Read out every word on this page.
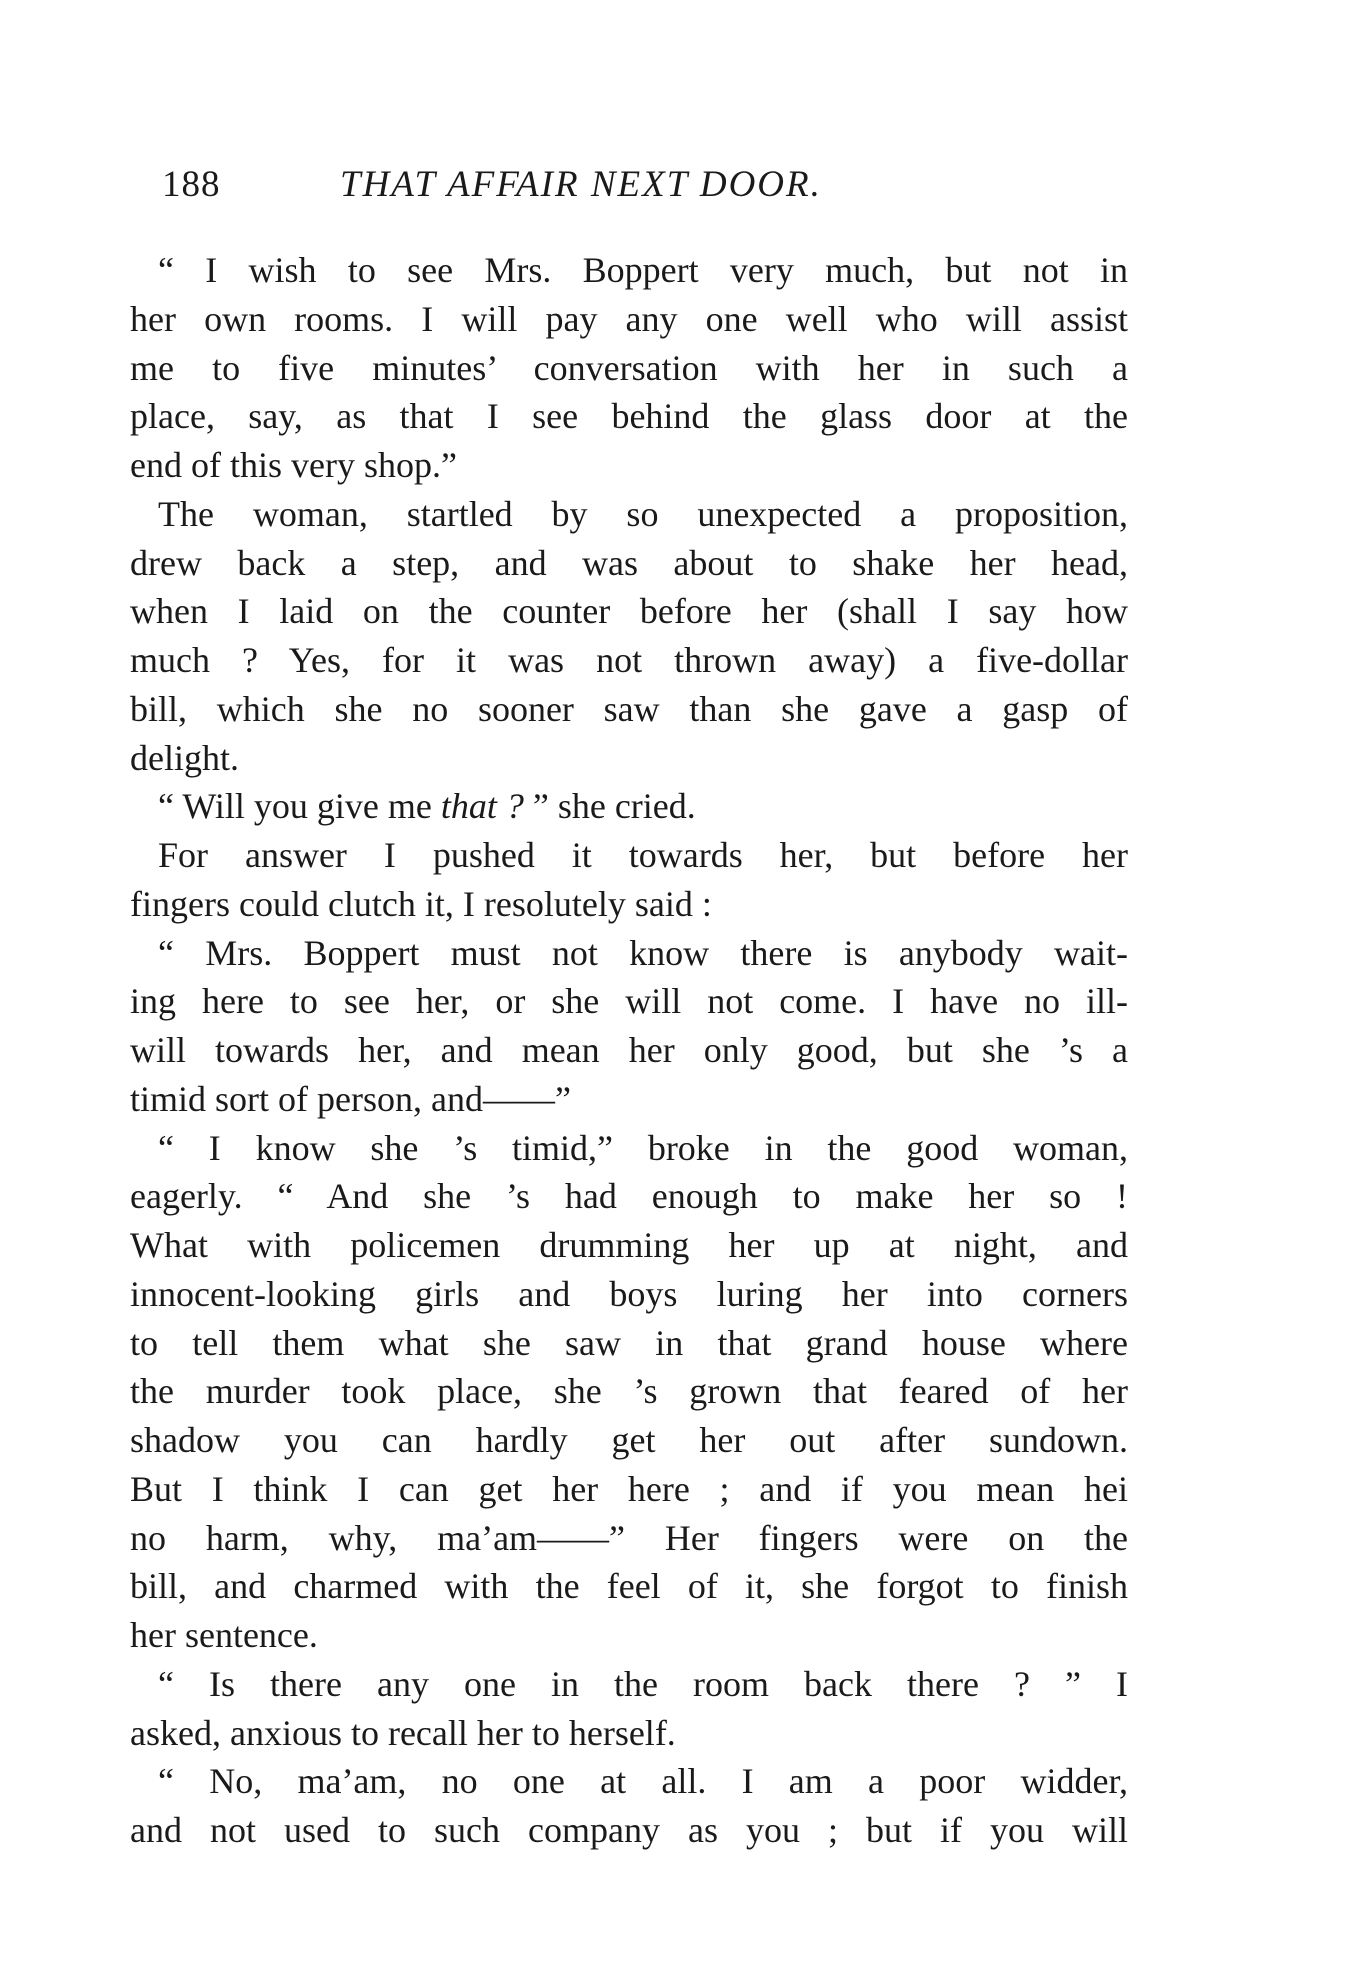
188	THAT AFFAIR NEXT DOOR.
“ I wish to see Mrs. Boppert very much, but not in
her own rooms. I will pay any one well who will assist
me to five minutes’ conversation with her in such a
place, say, as that I see behind the glass door at the
end of this very shop.”
The woman, startled by so unexpected a proposition,
drew back a step, and was about to shake her head,
when I laid on the counter before her (shall I say how
much ? Yes, for it was not thrown away) a five-dollar
bill, which she no sooner saw than she gave a gasp of
delight.
“ Will you give me that ? ” she cried.
For answer I pushed it towards her, but before her
fingers could clutch it, I resolutely said :
“ Mrs. Boppert must not know there is anybody wait-
ing here to see her, or she will not come. I have no ill-
will towards her, and mean her only good, but she ’s a
timid sort of person, and——”
“ I know she ’s timid,” broke in the good woman,
eagerly. “ And she ’s had enough to make her so !
What with policemen drumming her up at night, and
innocent-looking girls and boys luring her into corners
to tell them what she saw in that grand house where
the murder took place, she ’s grown that feared of her
shadow you can hardly get her out after sundown.
But I think I can get her here ; and if you mean hei
no harm, why, ma’am——” Her fingers were on the
bill, and charmed with the feel of it, she forgot to finish
her sentence.
“ Is there any one in the room back there ? ” I
asked, anxious to recall her to herself.
“ No, ma’am, no one at all. I am a poor widder,
and not used to such company as you ; but if you will
